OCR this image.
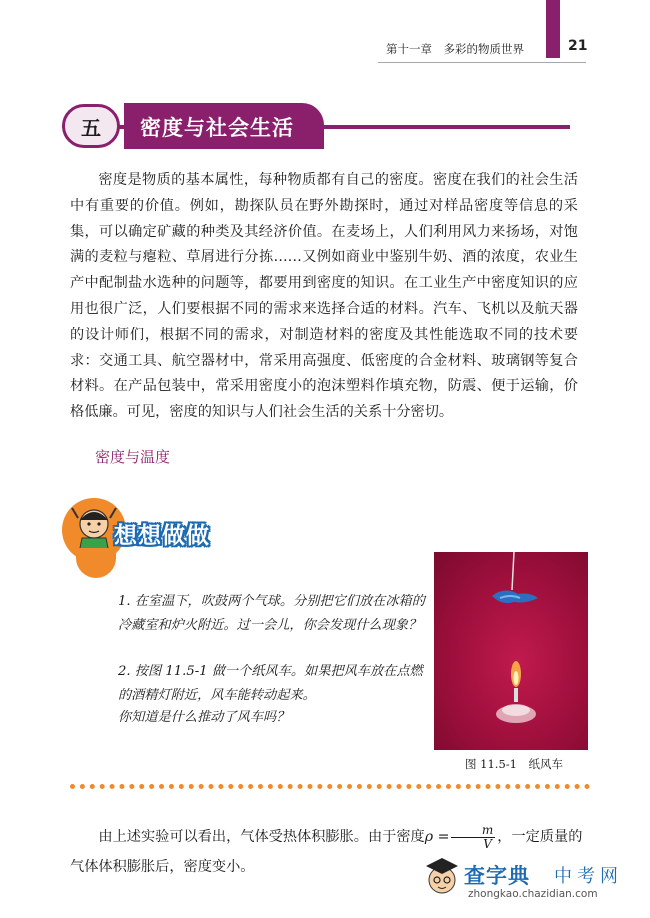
第十一章　多彩的物质世界	21
密度与社会生活
五
密度是物质的基本属性，每种物质都有自己的密度。密度在我们的社会生活中有重要的价值。例如，勘探队员在野外勘探时，通过对样品密度等信息的采集，可以确定矿藏的种类及其经济价值。在麦场上，人们利用风力来扬场，对饱满的麦粒与瘪粒、草屑进行分拣……又例如商业中鉴别牛奶、酒的浓度，农业生产中配制盐水选种的问题等，都要用到密度的知识。在工业生产中密度知识的应用也很广泛，人们要根据不同的需求来选择合适的材料。汽车、飞机以及航天器的设计师们，根据不同的需求，对制造材料的密度及其性能选取不同的技术要求：交通工具、航空器材中，常采用高强度、低密度的合金材料、玻璃钢等复合材料。在产品包装中，常采用密度小的泡沫塑料作填充物，防震、便于运输，价格低廉。可见，密度的知识与人们社会生活的关系十分密切。
密度与温度
想想做做
1. 在室温下，吹鼓两个气球。分别把它们放在冰箱的冷藏室和炉火附近。过一会儿，你会发现什么现象？
2. 按图 11.5-1 做一个纸风车。如果把风车放在点燃的酒精灯附近，风车能转动起来。
你知道是什么推动了风车吗？
图 11.5-1　纸风车
由上述实验可以看出，气体受热体积膨胀。由于密度$\rho = \frac{m}{V}$ ，一定质量的
气体体积膨胀后，密度变小。	查字典 中考网
zhongkao.chazidian.com
